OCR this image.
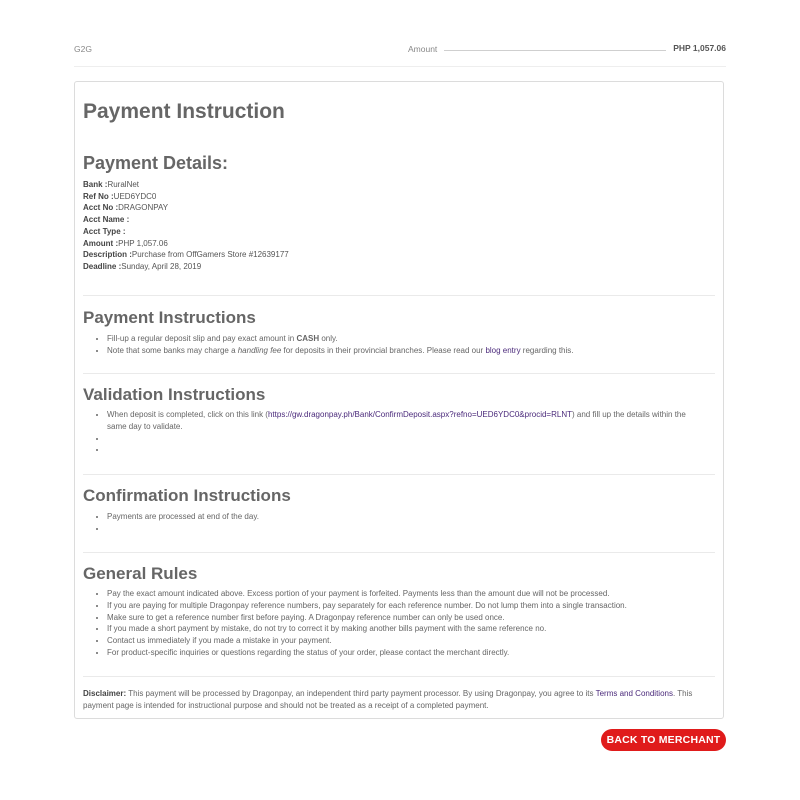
G2G	Amount	PHP 1,057.06
Payment Instruction
Payment Details:
Bank :RuralNet
Ref No :UED6YDC0
Acct No :DRAGONPAY
Acct Name :
Acct Type :
Amount :PHP 1,057.06
Description :Purchase from OffGamers Store #12639177
Deadline :Sunday, April 28, 2019
Payment Instructions
• Fill-up a regular deposit slip and pay exact amount in CASH only.
• Note that some banks may charge a handling fee for deposits in their provincial branches. Please read our blog entry regarding this.
Validation Instructions
• When deposit is completed, click on this link (https://gw.dragonpay.ph/Bank/ConfirmDeposit.aspx?refno=UED6YDC0&procid=RLNT) and fill up the details within the same day to validate.
•
•
Confirmation Instructions
• Payments are processed at end of the day.
•
General Rules
• Pay the exact amount indicated above. Excess portion of your payment is forfeited. Payments less than the amount due will not be processed.
• If you are paying for multiple Dragonpay reference numbers, pay separately for each reference number. Do not lump them into a single transaction.
• Make sure to get a reference number first before paying. A Dragonpay reference number can only be used once.
• If you made a short payment by mistake, do not try to correct it by making another bills payment with the same reference no.
• Contact us immediately if you made a mistake in your payment.
• For product-specific inquiries or questions regarding the status of your order, please contact the merchant directly.
Disclaimer: This payment will be processed by Dragonpay, an independent third party payment processor. By using Dragonpay, you agree to its Terms and Conditions. This payment page is intended for instructional purpose and should not be treated as a receipt of a completed payment.
BACK TO MERCHANT
